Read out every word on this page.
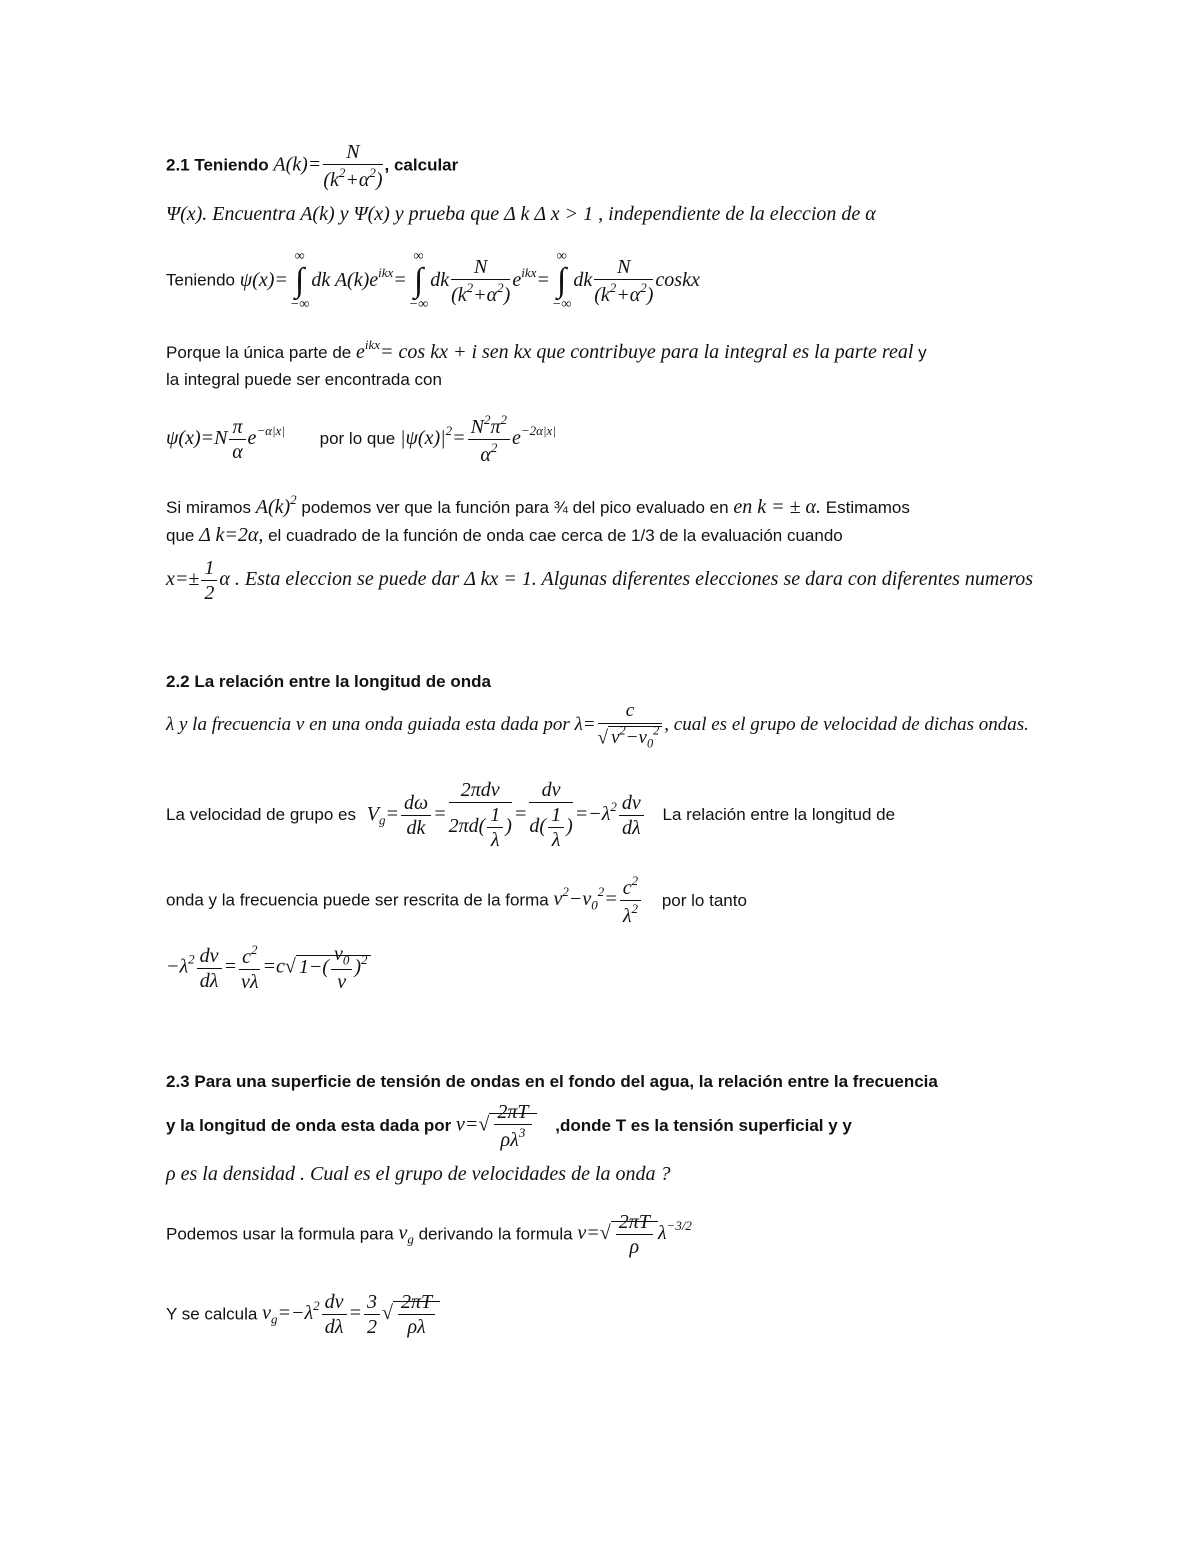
2.1 Teniendo $A(k)= \frac{N}{(k^2+\alpha^2)}$ , calcular
Ψ(x). Encuentra A(k) y Ψ(x) y prueba que Δ k Δ x > 1 , independiente de la eleccion de α
Teniendo ψ(x)=∞
∫
−∞dk $A(k)e^{ikx}=\infty$
∫
$-\infty dk \frac{N}{(k^2+\alpha^2)} e^{ikx}=\infty$
∫
$-\infty dk \frac{N}{(k^2+\alpha^2)}$ coskx
Porque la única parte de $e^{ikx}= \cos$ kx + i sen kx que contribuye para la integral es la parte real y
la integral puede ser encontrada con
$\psi(x)=N \frac{\pi}{\alpha} e^{-\alpha|x|}$ por lo que $|\psi(x)|^2= \frac{N^2\pi^2}{\alpha^2} e^{-2\alpha|x|}$
Si miramos $A(k)^2$ podemos ver que la función para ¾ del pico evaluado en en k = ± α. Estimamos
que Δ k=2α, el cuadrado de la función de onda cae cerca de 1/3 de la evaluación cuando
$x=\pm \frac{1}{2}$ α . Esta eleccion se puede dar Δ kx = 1. Algunas diferentes elecciones se dara con diferentes numeros
2.2 La relación entre la longitud de onda
λ y la frecuencia v en una onda guiada esta dada por $\lambda= \frac{c}{√ v^2-v_0^2}$ , cual es el grupo de velocidad de dichas ondas.
La velocidad de grupo es $V_g= \frac{d\omega}{dk} = \frac{\text{2πdv}}{2\pi d( \frac{1}{\lambda} )} = \frac{dv}{d( \frac{1}{\lambda} )} =-\lambda^2 \frac{dv}{d\lambda}$ La relación entre la longitud de
onda y la frecuencia puede ser rescrita de la forma $v^2-v_0^2= \frac{c^2}{\lambda^2}$ por lo tanto
$-\lambda^2 \frac{dv}{d\lambda} = \frac{c^2}{v\lambda} =c√$ $1-( \frac{v_0}{v} )^2$
2.3 Para una superficie de tensión de ondas en el fondo del agua, la relación entre la frecuencia
y la longitud de onda esta dada por $v=√ \frac{2\pi T}{\rho\lambda^3}$ ,donde T es la tensión superficial y y
ρ es la densidad . Cual es el grupo de velocidades de la onda ?
Podemos usar la formula para $v_g$ derivando la formula $v=√ \frac{2\pi T}{\rho} \lambda^{-3/2}$
Y se calcula $v_g=-\lambda^2 \frac{dv}{d\lambda} = \frac{3}{2}$ √ $\frac{2\pi T}{\rho\lambda}$
